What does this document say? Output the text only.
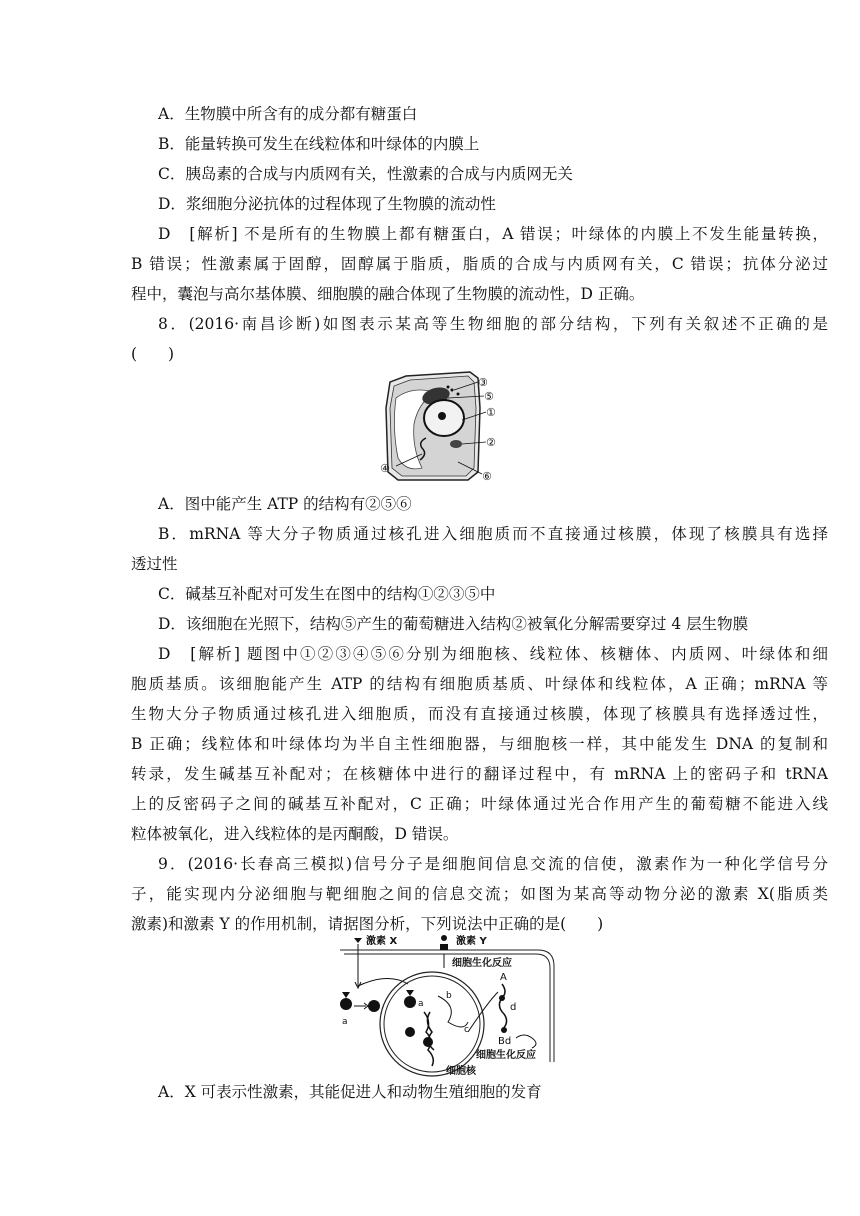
A．生物膜中所含有的成分都有糖蛋白
B．能量转换可发生在线粒体和叶绿体的内膜上
C．胰岛素的合成与内质网有关，性激素的合成与内质网无关
D．浆细胞分泌抗体的过程体现了生物膜的流动性
D　[解析] 不是所有的生物膜上都有糖蛋白，A 错误；叶绿体的内膜上不发生能量转换，
B 错误；性激素属于固醇，固醇属于脂质，脂质的合成与内质网有关，C 错误；抗体分泌过
程中，囊泡与高尔基体膜、细胞膜的融合体现了生物膜的流动性，D 正确。
8．(2016·南昌诊断)如图表示某高等生物细胞的部分结构，下列有关叙述不正确的是
(　　)
③
⑤
①
②
④
⑥
A．图中能产生 ATP 的结构有②⑤⑥
B．mRNA 等大分子物质通过核孔进入细胞质而不直接通过核膜，体现了核膜具有选择
透过性
C．碱基互补配对可发生在图中的结构①②③⑤中
D．该细胞在光照下，结构⑤产生的葡萄糖进入结构②被氧化分解需要穿过 4 层生物膜
D　[解析] 题图中①②③④⑤⑥分别为细胞核、线粒体、核糖体、内质网、叶绿体和细
胞质基质。该细胞能产生 ATP 的结构有细胞质基质、叶绿体和线粒体，A 正确；mRNA 等
生物大分子物质通过核孔进入细胞质，而没有直接通过核膜，体现了核膜具有选择透过性，
B 正确；线粒体和叶绿体均为半自主性细胞器，与细胞核一样，其中能发生 DNA 的复制和
转录，发生碱基互补配对；在核糖体中进行的翻译过程中，有 mRNA 上的密码子和 tRNA
上的反密码子之间的碱基互补配对，C 正确；叶绿体通过光合作用产生的葡萄糖不能进入线
粒体被氧化，进入线粒体的是丙酮酸，D 错误。
9．(2016·长春高三模拟)信号分子是细胞间信息交流的信使，激素作为一种化学信号分
子，能实现内分泌细胞与靶细胞之间的信息交流；如图为某高等动物分泌的激素 X(脂质类
激素)和激素 Y 的作用机制，请据图分析，下列说法中正确的是(　　)
激素 X	激素 Y
细胞生化反应
a
a
b
c
A
d
Bd
细胞生化反应
细胞核
A．X 可表示性激素，其能促进人和动物生殖细胞的发育
